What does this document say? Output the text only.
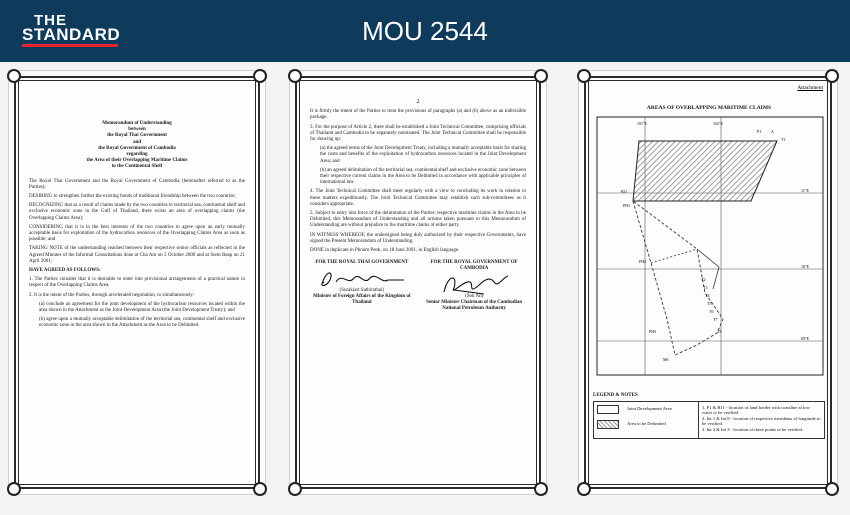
THE
STANDARD	MOU 2544
Memorandum of Understanding
between
the Royal Thai Government
and
the Royal Government of Cambodia
regarding
the Area of their Overlapping Maritime Claims
to the Continental Shelf

The Royal Thai Government and the Royal Government of Cambodia (hereinafter referred to as the Parties);

DESIRING to strengthen further the existing bonds of traditional friendship between the two countries;

RECOGNIZING that as a result of claims made by the two countries to territorial sea, continental shelf and exclusive economic zone in the Gulf of Thailand, there exists an area of overlapping claims (the Overlapping Claims Area);

CONSIDERING that it is in the best interests of the two countries to agree upon an early mutually acceptable basis for exploitation of the hydrocarbon resources of the Overlapping Claims Area as soon as possible; and

TAKING NOTE of the understanding reached between their respective senior officials as reflected in the Agreed Minutes of the Informal Consultations done at Cha Am on 5 October 2000 and at Siem Reap on 21 April 2001;

HAVE AGREED AS FOLLOWS:

1. The Parties consider that it is desirable to enter into provisional arrangements of a practical nature in respect of the Overlapping Claims Area.

2. It is the intent of the Parties, through accelerated negotiation, to simultaneously:

(a) conclude an agreement for the joint development of the hydrocarbon resources located within the area shown in the Attachment as the Joint Development Area (the Joint Development Treaty); and

(b) agree upon a mutually acceptable delimitation of the territorial sea, continental shelf and exclusive economic zone in the area shown in the Attachment as the Area to be Delimited.

2

It is firmly the intent of the Parties to treat the provisions of paragraphs (a) and (b) above as an indivisible package.

3. For the purpose of Article 2, there shall be established a Joint Technical Committee, comprising officials of Thailand and Cambodia to be separately nominated. The Joint Technical Committee shall be responsible for drawing up:

(a) the agreed terms of the Joint Development Treaty, including a mutually acceptable basis for sharing the costs and benefits of the exploitation of hydrocarbon resources located in the Joint Development Area; and

(b) an agreed delimitation of the territorial sea, continental shelf and exclusive economic zone between their respective current claims in the Area to be Delimited in accordance with applicable principles of international law.

4. The Joint Technical Committee shall meet regularly with a view to concluding its work in relation to these matters expeditiously. The Joint Technical Committee may establish such sub-committees as it considers appropriate.

5. Subject to entry into force of the delimitation of the Parties' respective maritime claims in the Area to be Delimited, this Memorandum of Understanding and all actions taken pursuant to this Memorandum of Understanding are without prejudice to the maritime claims of either party.

IN WITNESS WHEREOF, the undersigned being duly authorized by their respective Governments, have signed the Present Memorandum of Understanding.

DONE in duplicate in Phnom Penh, on 18 June 2001, in English language.

FOR THE ROYAL THAI GOVERNMENT
(Surakiart Sathirathai)
Minister of Foreign Affairs of the Kingdom of Thailand
FOR THE ROYAL GOVERNMENT OF CAMBODIA
(Sok An)
Senior Minister Chairman of the Cambodian National Petroleum Authority
Attachment
AREAS OF OVERLAPPING MARITIME CLAIMS
101°E	102°E
11°E
10°E
09°E
P1 A
T1
B11
PH1
PH2
T2
T3
T4
T5
T6
T7
T8
PH3
M6
LEGEND & NOTES
Joint Development Area
Area to be Delimited
1. P1 & B11 - location of land border with coastline at low water to be verified.
2. Int 1 & Int 8 - location of respective meridians of longitude to be verified.
3. Int 2 & Int 3 - location of these points to be verified.
